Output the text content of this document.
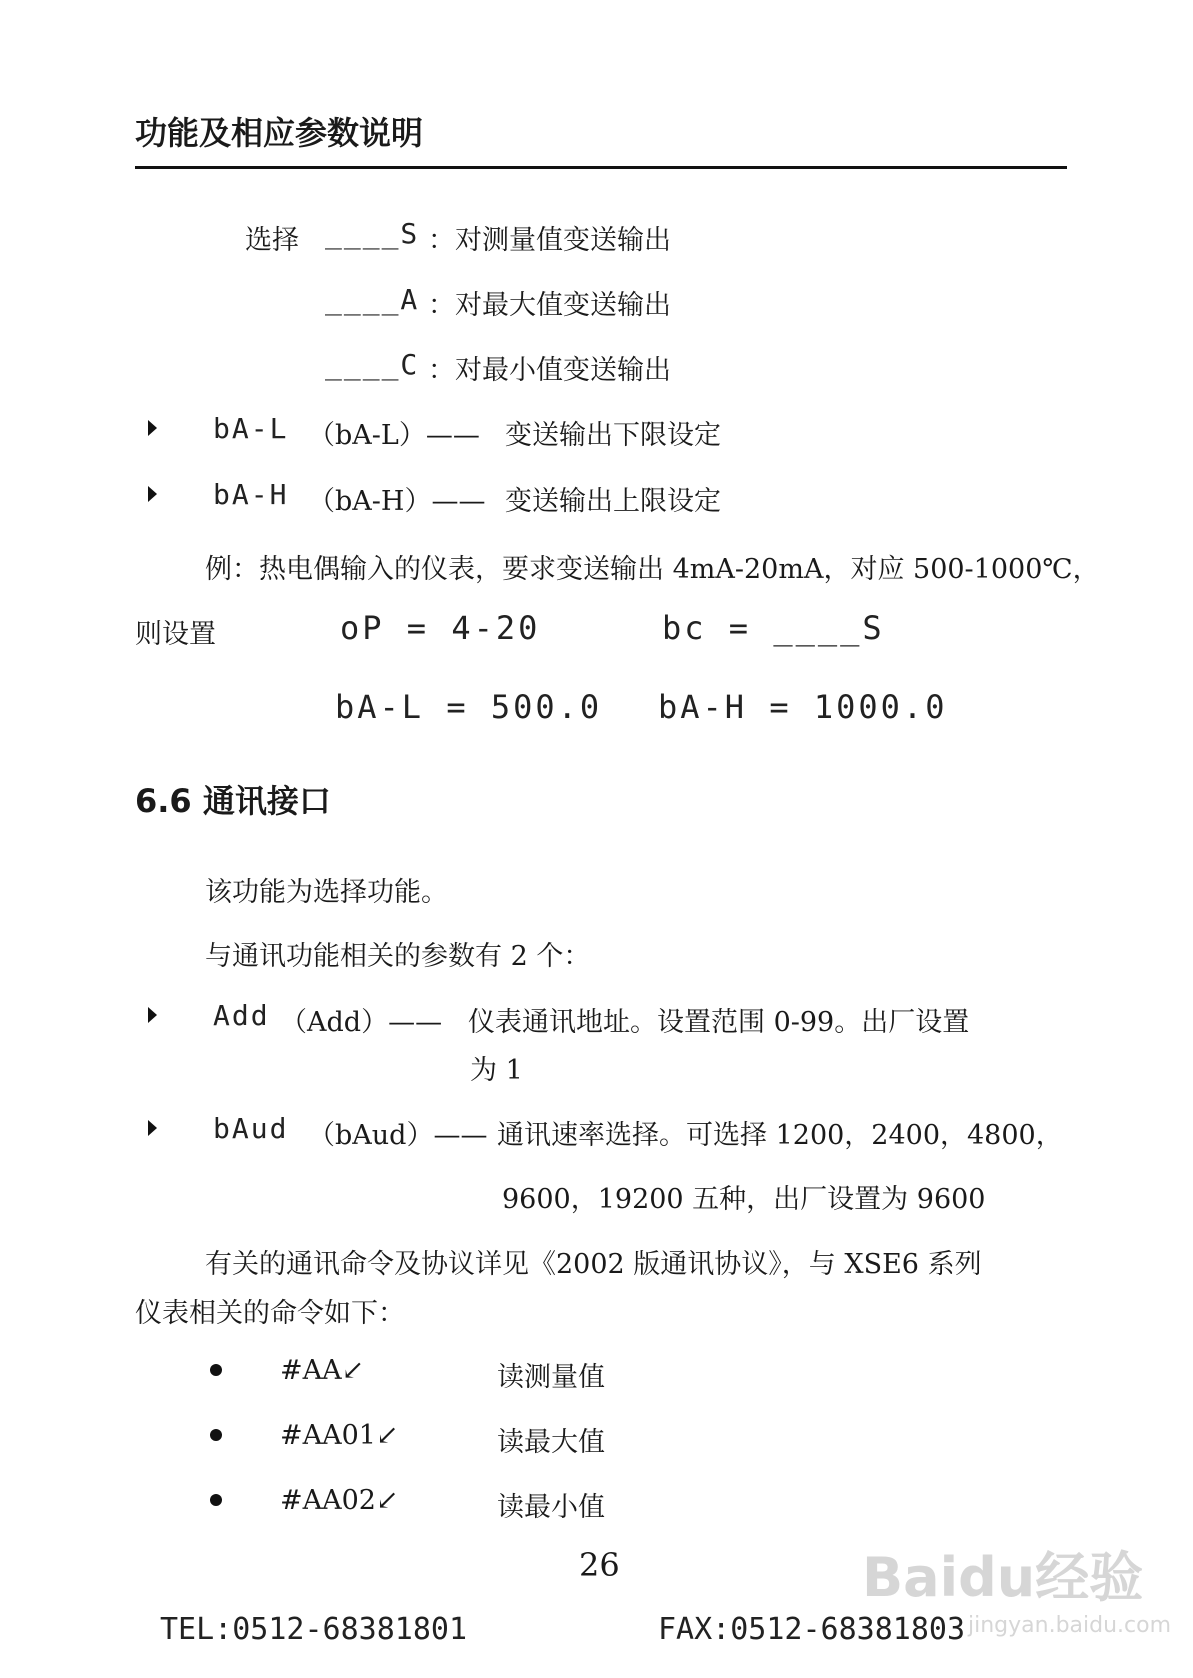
功能及相应参数说明
选择 ____S ：对测量值变送输出
____A ：对最大值变送输出
____C ：对最小值变送输出
bA-L （bA-L）—— 变送输出下限设定
bA-H （bA-H）—— 变送输出上限设定
例：热电偶输入的仪表，要求变送输出 4mA-20mA，对应 500-1000℃，
则设置	oP = 4-20	bc = ____S
bA-L = 500.0 bA-H = 1000.0
6.6 通讯接口
该功能为选择功能。
与通讯功能相关的参数有 2 个：
Add （Add）—— 仪表通讯地址。设置范围 0-99。出厂设置
为 1
bAud （bAud）—— 通讯速率选择。可选择 1200，2400，4800，
9600，19200 五种，出厂设置为 9600
有关的通讯命令及协议详见《2002 版通讯协议》，与 XSE6 系列
仪表相关的命令如下：
#AA↙	读测量值
#AA01↙	读最大值
#AA02↙	读最小值
26	Baidu经验
jingyan.baidu.com
TEL:0512-68381801	FAX:0512-68381803
